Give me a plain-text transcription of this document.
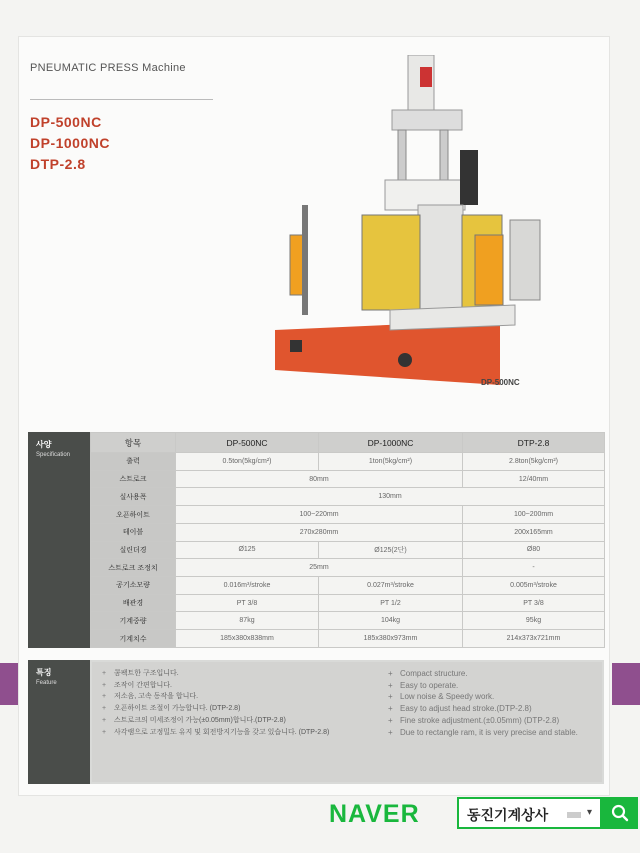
PNEUMATIC PRESS Machine
DP-500NC
DP-1000NC
DTP-2.8
DP-500NC
사양
Specification
항목	DP-500NC	DP-1000NC	DTP-2.8
출력	0.5ton(5kg/cm²)	1ton(5kg/cm²)	2.8ton(5kg/cm²)
스트로크	80mm		12/40mm
실사용폭	130mm		
오픈하이트	100~220mm		100~200mm
테이블	270x280mm		200x165mm
실린더경	Ø125	Ø125(2단)	Ø80
스트로크 조정치	25mm		-
공기소모량	0.016m³/stroke	0.027m³/stroke	0.005m³/stroke
배관경	PT 3/8	PT 1/2	PT 3/8
기계중량	87kg	104kg	95kg
기계치수	185x380x838mm	185x380x973mm	214x373x721mm
특징
Feature
+ 콤팩트한 구조입니다.
+ 조작이 간편합니다.
+ 저소음, 고속 동작을 합니다.
+ 오픈하이트 조절이 가능합니다. (DTP-2.8)
+ 스트로크의 미세조정이 가능(±0.05mm)합니다.(DTP-2.8)
+ 사각램으로 고정밀도 유지 및 회전방지기능을 갖고 있습니다. (DTP-2.8)
+ Compact structure.
+ Easy to operate.
+ Low noise & Speedy work.
+ Easy to adjust head stroke.(DTP-2.8)
+ Fine stroke adjustment.(±0.05mm) (DTP-2.8)
+ Due to rectangle ram, it is very precise and stable.
NAVER	동진기계상사	▾
